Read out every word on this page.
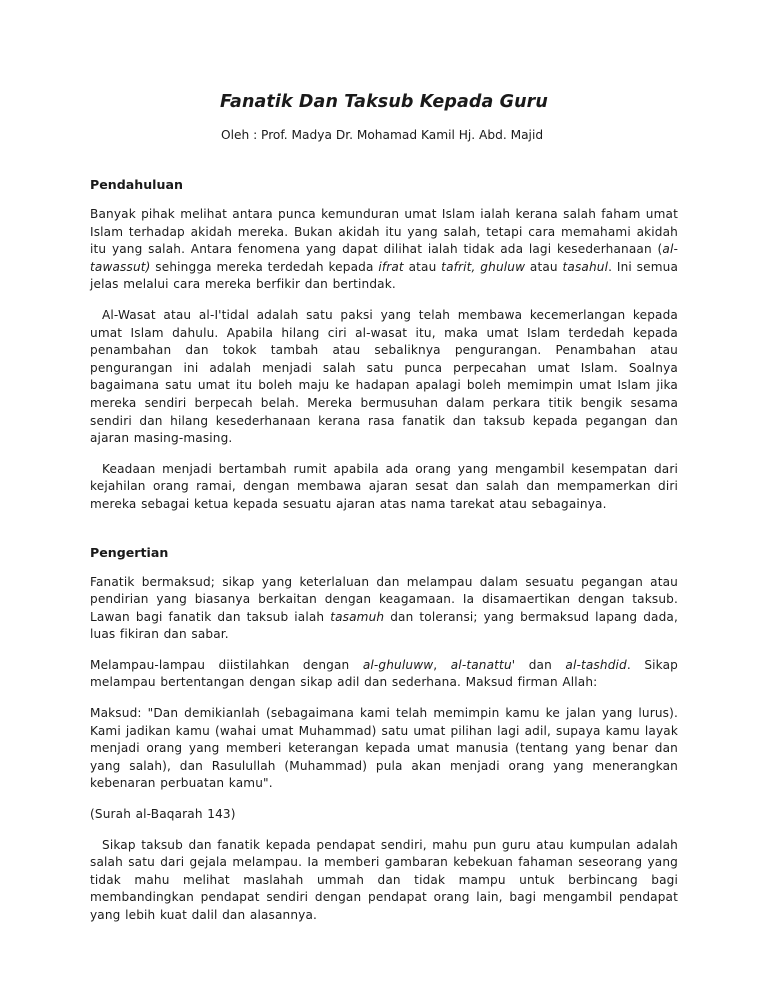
Fanatik Dan Taksub Kepada Guru
Oleh : Prof. Madya Dr. Mohamad Kamil Hj. Abd. Majid
Pendahuluan

Banyak pihak melihat antara punca kemunduran umat Islam ialah kerana salah faham umat Islam terhadap akidah mereka. Bukan akidah itu yang salah, tetapi cara memahami akidah itu yang salah. Antara fenomena yang dapat dilihat ialah tidak ada lagi kesederhanaan (al-tawassut) sehingga mereka terdedah kepada ifrat atau tafrit, ghuluw atau tasahul. Ini semua jelas melalui cara mereka berfikir dan bertindak.

Al-Wasat atau al-I'tidal adalah satu paksi yang telah membawa kecemerlangan kepada umat Islam dahulu. Apabila hilang ciri al-wasat itu, maka umat Islam terdedah kepada penambahan dan tokok tambah atau sebaliknya pengurangan. Penambahan atau pengurangan ini adalah menjadi salah satu punca perpecahan umat Islam. Soalnya bagaimana satu umat itu boleh maju ke hadapan apalagi boleh memimpin umat Islam jika mereka sendiri berpecah belah. Mereka bermusuhan dalam perkara titik bengik sesama sendiri dan hilang kesederhanaan kerana rasa fanatik dan taksub kepada pegangan dan ajaran masing-masing.

Keadaan menjadi bertambah rumit apabila ada orang yang mengambil kesempatan dari kejahilan orang ramai, dengan membawa ajaran sesat dan salah dan mempamerkan diri mereka sebagai ketua kepada sesuatu ajaran atas nama tarekat atau sebagainya.

Pengertian

Fanatik bermaksud; sikap yang keterlaluan dan melampau dalam sesuatu pegangan atau pendirian yang biasanya berkaitan dengan keagamaan. Ia disamaertikan dengan taksub. Lawan bagi fanatik dan taksub ialah tasamuh dan toleransi; yang bermaksud lapang dada, luas fikiran dan sabar.

Melampau-lampau diistilahkan dengan al-ghuluww, al-tanattu' dan al-tashdid. Sikap melampau bertentangan dengan sikap adil dan sederhana. Maksud firman Allah:

Maksud: "Dan demikianlah (sebagaimana kami telah memimpin kamu ke jalan yang lurus). Kami jadikan kamu (wahai umat Muhammad) satu umat pilihan lagi adil, supaya kamu layak menjadi orang yang memberi keterangan kepada umat manusia (tentang yang benar dan yang salah), dan Rasulullah (Muhammad) pula akan menjadi orang yang menerangkan kebenaran perbuatan kamu".

(Surah al-Baqarah 143)

Sikap taksub dan fanatik kepada pendapat sendiri, mahu pun guru atau kumpulan adalah salah satu dari gejala melampau. Ia memberi gambaran kebekuan fahaman seseorang yang tidak mahu melihat maslahah ummah dan tidak mampu untuk berbincang bagi membandingkan pendapat sendiri dengan pendapat orang lain, bagi mengambil pendapat yang lebih kuat dalil dan alasannya.
